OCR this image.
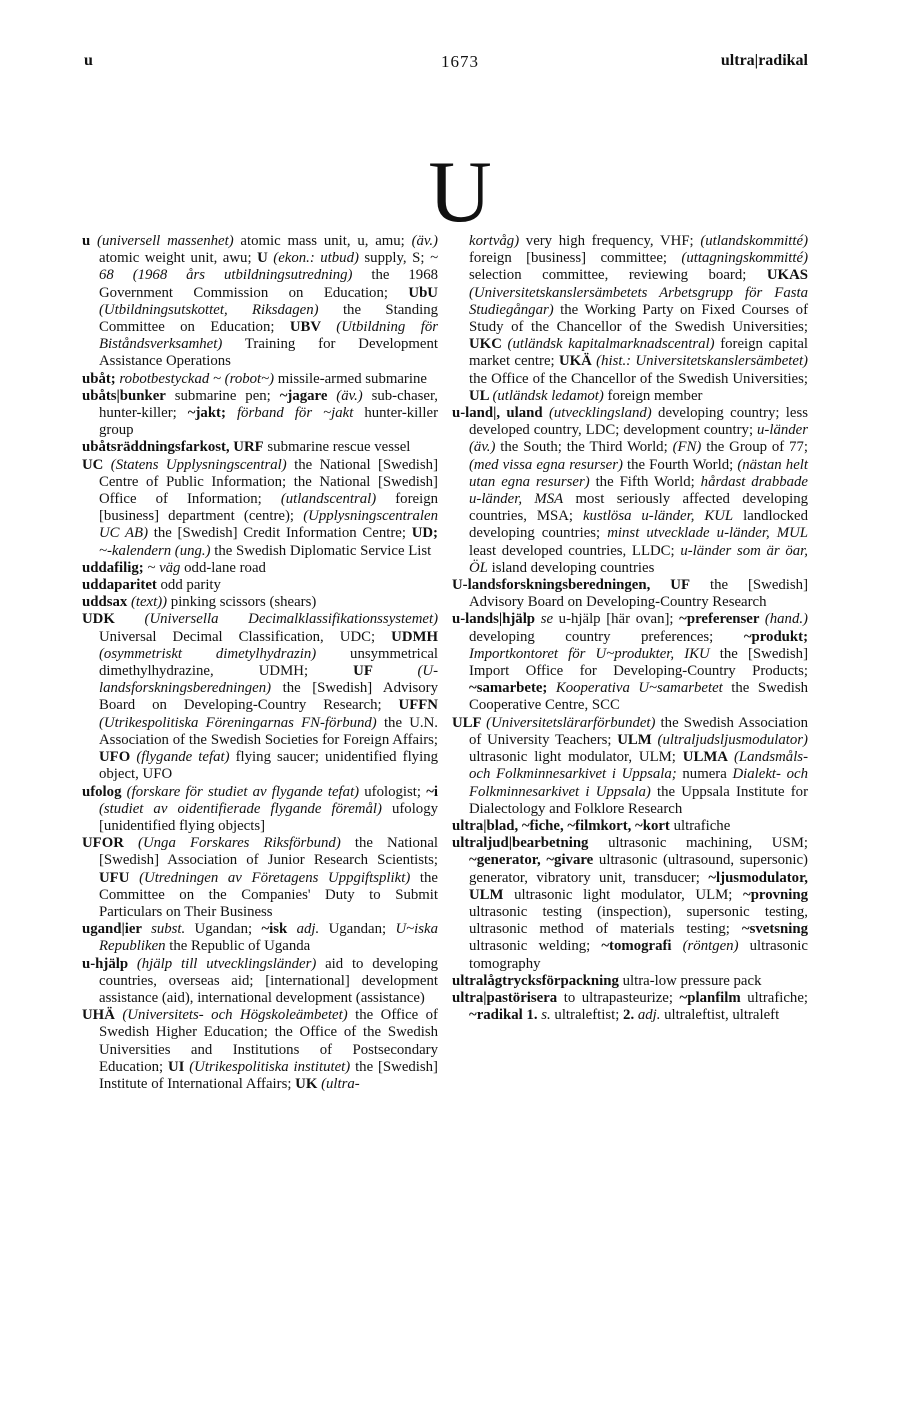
u	1673	ultra|radikal
U

u (universell massenhet) atomic mass unit, u, amu; (äv.) atomic weight unit, awu; U (ekon.: utbud) supply, S; ~ 68 (1968 års utbildningsutredning) the 1968 Government Commission on Education; UbU (Utbildningsutskottet, Riksdagen) the Standing Committee on Education; UBV (Utbildning för Biståndsverksamhet) Training for Development Assistance Operations

ubåt; robotbestyckad ~ (robot~) missile-armed submarine

ubåts|bunker submarine pen; ~jagare (äv.) sub-chaser, hunter-killer; ~jakt; förband för ~jakt hunter-killer group

ubåtsräddningsfarkost, URF submarine rescue vessel

UC (Statens Upplysningscentral) the National [Swedish] Centre of Public Information; the National [Swedish] Office of Information; (utlandscentral) foreign [business] department (centre); (Upplysningscentralen UC AB) the [Swedish] Credit Information Centre; UD; ~-kalendern (ung.) the Swedish Diplomatic Service List

uddafilig; ~ väg odd-lane road

uddaparitet odd parity

uddsax (text)) pinking scissors (shears)

UDK (Universella Decimalklassifikationssystemet) Universal Decimal Classification, UDC; UDMH (osymmetriskt dimetylhydrazin) unsymmetrical dimethylhydrazine, UDMH; UF (U-landsforskningsberedningen) the [Swedish] Advisory Board on Developing-Country Research; UFFN (Utrikespolitiska Föreningarnas FN-förbund) the U.N. Association of the Swedish Societies for Foreign Affairs; UFO (flygande tefat) flying saucer; unidentified flying object, UFO

ufolog (forskare för studiet av flygande tefat) ufologist; ~i (studiet av oidentifierade flygande föremål) ufology [unidentified flying objects]

UFOR (Unga Forskares Riksförbund) the National [Swedish] Association of Junior Research Scientists; UFU (Utredningen av Företagens Uppgiftsplikt) the Committee on the Companies' Duty to Submit Particulars on Their Business

ugand|ier subst. Ugandan; ~isk adj. Ugandan; U~iska Republiken the Republic of Uganda

u-hjälp (hjälp till utvecklingsländer) aid to developing countries, overseas aid; [international] development assistance (aid), international development (assistance)

UHÄ (Universitets- och Högskoleämbetet) the Office of Swedish Higher Education; the Office of the Swedish Universities and Institutions of Postsecondary Education; UI (Utrikespolitiska institutet) the [Swedish] Institute of International Affairs; UK (ultra-

kortvåg) very high frequency, VHF; (utlandskommitté) foreign [business] committee; (uttagningskommitté) selection committee, reviewing board; UKAS (Universitetskanslersämbetets Arbetsgrupp för Fasta Studiegångar) the Working Party on Fixed Courses of Study of the Chancellor of the Swedish Universities; UKC (utländsk kapitalmarknadscentral) foreign capital market centre; UKÄ (hist.: Universitetskanslersämbetet) the Office of the Chancellor of the Swedish Universities; UL (utländsk ledamot) foreign member

u-land|, uland (utvecklingsland) developing country; less developed country, LDC; development country; u-länder (äv.) the South; the Third World; (FN) the Group of 77; (med vissa egna resurser) the Fourth World; (nästan helt utan egna resurser) the Fifth World; hårdast drabbade u-länder, MSA most seriously affected developing countries, MSA; kustlösa u-länder, KUL landlocked developing countries; minst utvecklade u-länder, MUL least developed countries, LLDC; u-länder som är öar, ÖL island developing countries

U-landsforskningsberedningen, UF the [Swedish] Advisory Board on Developing-Country Research

u-lands|hjälp se u-hjälp [här ovan]; ~preferenser (hand.) developing country preferences; ~produkt; Importkontoret för U~produkter, IKU the [Swedish] Import Office for Developing-Country Products; ~samarbete; Kooperativa U~samarbetet the Swedish Cooperative Centre, SCC

ULF (Universitetslärarförbundet) the Swedish Association of University Teachers; ULM (ultraljudsljusmodulator) ultrasonic light modulator, ULM; ULMA (Landsmåls- och Folkminnesarkivet i Uppsala; numera Dialekt- och Folkminnesarkivet i Uppsala) the Uppsala Institute for Dialectology and Folklore Research

ultra|blad, ~fiche, ~filmkort, ~kort ultrafiche

ultraljud|bearbetning ultrasonic machining, USM; ~generator, ~givare ultrasonic (ultrasound, supersonic) generator, vibratory unit, transducer; ~ljusmodulator, ULM ultrasonic light modulator, ULM; ~provning ultrasonic testing (inspection), supersonic testing, ultrasonic method of materials testing; ~svetsning ultrasonic welding; ~tomografi (röntgen) ultrasonic tomography

ultralågtrycksförpackning ultra-low pressure pack

ultra|pastörisera to ultrapasteurize; ~planfilm ultrafiche; ~radikal 1. s. ultraleftist; 2. adj. ultraleftist, ultraleft
